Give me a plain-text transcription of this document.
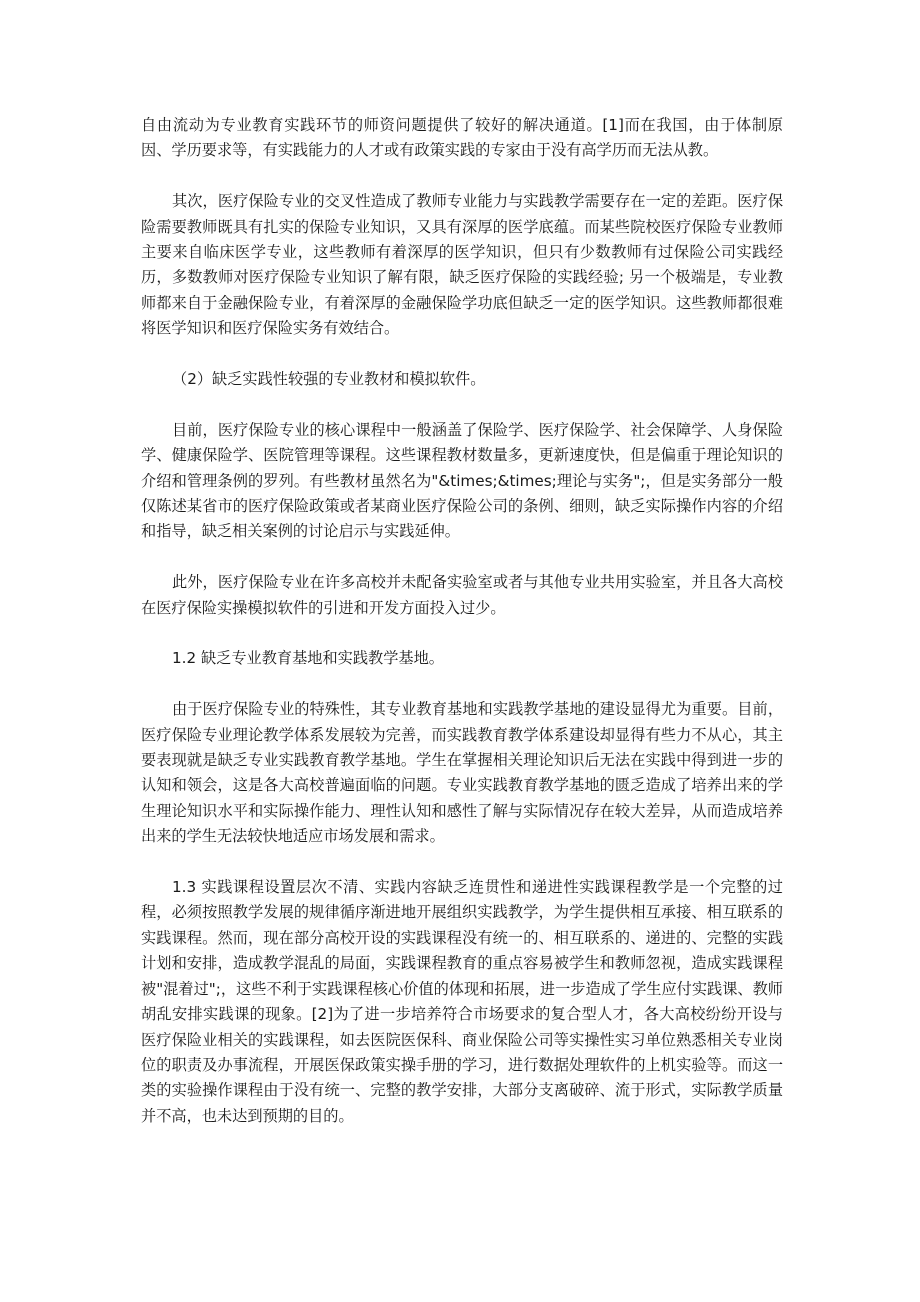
自由流动为专业教育实践环节的师资问题提供了较好的解决通道。[1]而在我国，由于体制原因、学历要求等，有实践能力的人才或有政策实践的专家由于没有高学历而无法从教。

其次，医疗保险专业的交叉性造成了教师专业能力与实践教学需要存在一定的差距。医疗保险需要教师既具有扎实的保险专业知识，又具有深厚的医学底蕴。而某些院校医疗保险专业教师主要来自临床医学专业，这些教师有着深厚的医学知识，但只有少数教师有过保险公司实践经历，多数教师对医疗保险专业知识了解有限，缺乏医疗保险的实践经验; 另一个极端是，专业教师都来自于金融保险专业，有着深厚的金融保险学功底但缺乏一定的医学知识。这些教师都很难将医学知识和医疗保险实务有效结合。

（2）缺乏实践性较强的专业教材和模拟软件。

目前，医疗保险专业的核心课程中一般涵盖了保险学、医疗保险学、社会保障学、人身保险学、健康保险学、医院管理等课程。这些课程教材数量多，更新速度快，但是偏重于理论知识的介绍和管理条例的罗列。有些教材虽然名为"&times;&times;理论与实务";，但是实务部分一般仅陈述某省市的医疗保险政策或者某商业医疗保险公司的条例、细则，缺乏实际操作内容的介绍和指导，缺乏相关案例的讨论启示与实践延伸。

此外，医疗保险专业在许多高校并未配备实验室或者与其他专业共用实验室，并且各大高校在医疗保险实操模拟软件的引进和开发方面投入过少。

1.2 缺乏专业教育基地和实践教学基地。

由于医疗保险专业的特殊性，其专业教育基地和实践教学基地的建设显得尤为重要。目前，医疗保险专业理论教学体系发展较为完善，而实践教育教学体系建设却显得有些力不从心，其主要表现就是缺乏专业实践教育教学基地。学生在掌握相关理论知识后无法在实践中得到进一步的认知和领会，这是各大高校普遍面临的问题。专业实践教育教学基地的匮乏造成了培养出来的学生理论知识水平和实际操作能力、理性认知和感性了解与实际情况存在较大差异，从而造成培养出来的学生无法较快地适应市场发展和需求。

1.3 实践课程设置层次不清、实践内容缺乏连贯性和递进性实践课程教学是一个完整的过程，必须按照教学发展的规律循序渐进地开展组织实践教学，为学生提供相互承接、相互联系的实践课程。然而，现在部分高校开设的实践课程没有统一的、相互联系的、递进的、完整的实践计划和安排，造成教学混乱的局面，实践课程教育的重点容易被学生和教师忽视，造成实践课程被"混着过";，这些不利于实践课程核心价值的体现和拓展，进一步造成了学生应付实践课、教师胡乱安排实践课的现象。[2]为了进一步培养符合市场要求的复合型人才，各大高校纷纷开设与医疗保险业相关的实践课程，如去医院医保科、商业保险公司等实操性实习单位熟悉相关专业岗位的职责及办事流程，开展医保政策实操手册的学习，进行数据处理软件的上机实验等。而这一类的实验操作课程由于没有统一、完整的教学安排，大部分支离破碎、流于形式，实际教学质量并不高，也未达到预期的目的。
